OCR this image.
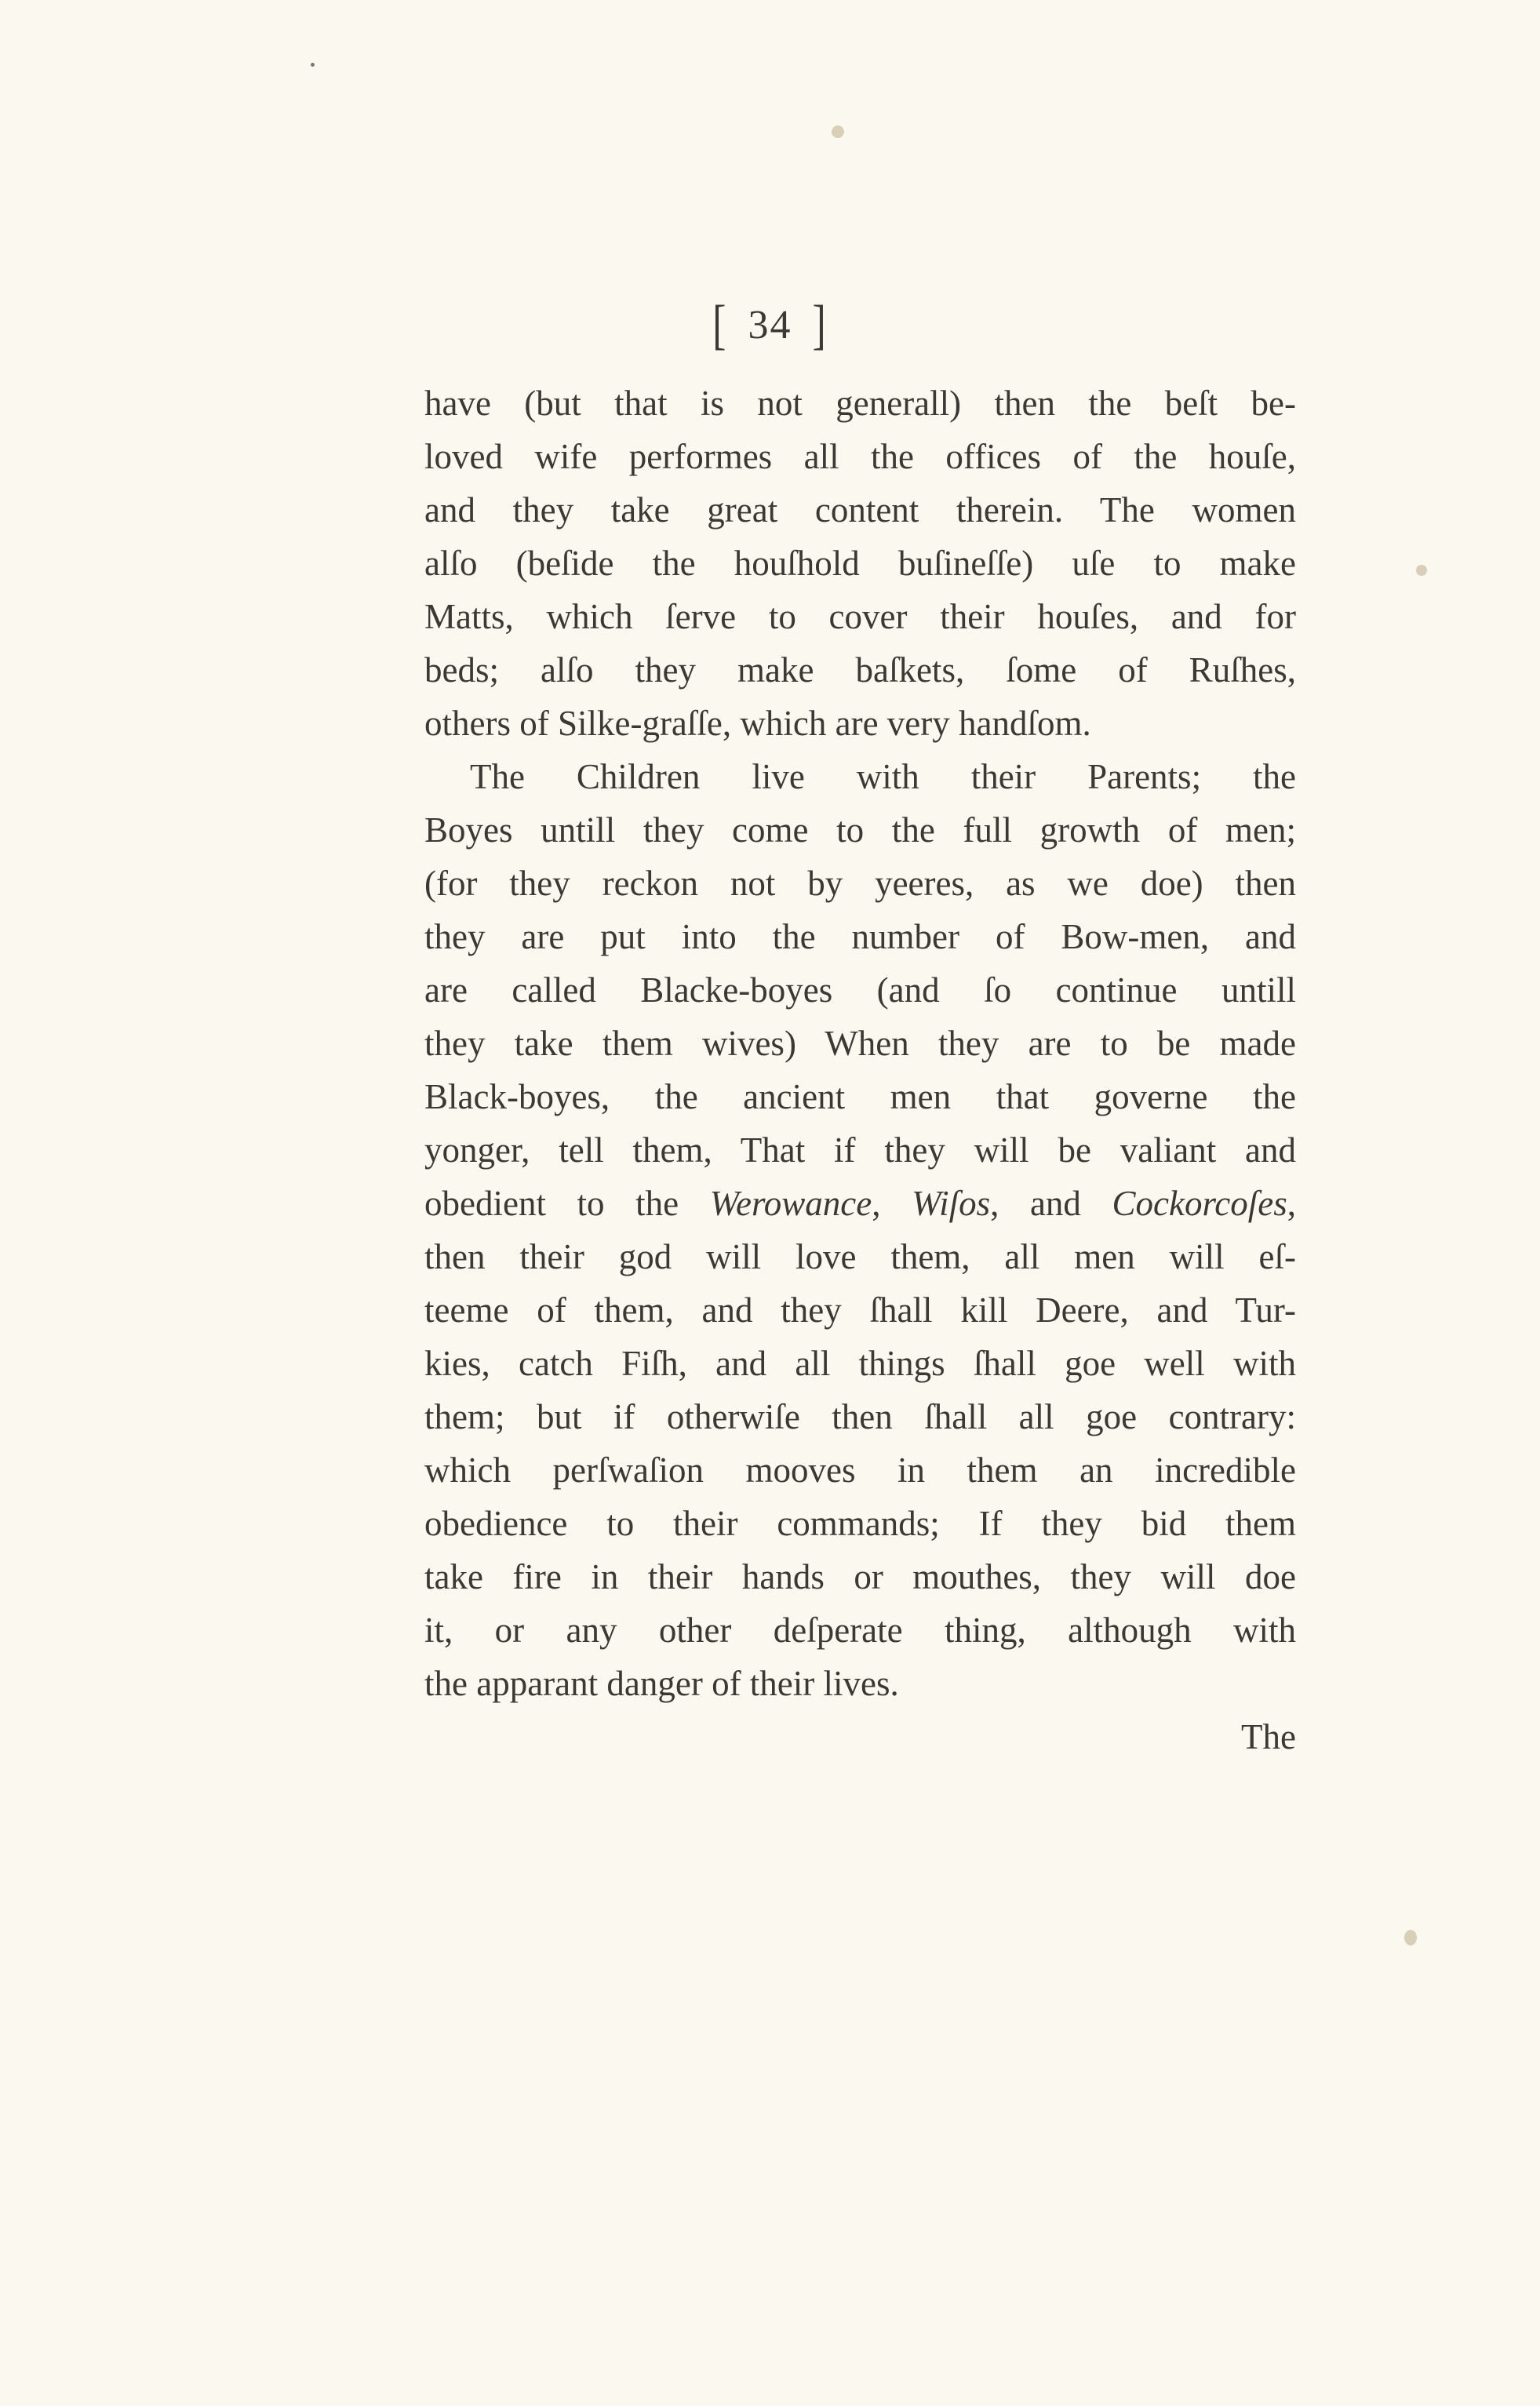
[ 34 ]
have (but that is not generall) then the beſt be-
loved wife performes all the offices of the houſe,
and they take great content therein. The women
alſo (beſide the houſhold buſineſſe) uſe to make
Matts, which ſerve to cover their houſes, and for
beds; alſo they make baſkets, ſome of Ruſhes,
others of Silke-graſſe, which are very handſom.
The Children live with their Parents; the
Boyes untill they come to the full growth of men;
(for they reckon not by yeeres, as we doe) then
they are put into the number of Bow-men, and
are called Blacke-boyes (and ſo continue untill
they take them wives) When they are to be made
Black-boyes, the ancient men that governe the
yonger, tell them, That if they will be valiant and
obedient to the Werowance, Wiſos, and Cockorcoſes,
then their god will love them, all men will eſ-
teeme of them, and they ſhall kill Deere, and Tur-
kies, catch Fiſh, and all things ſhall goe well with
them; but if otherwiſe then ſhall all goe contrary:
which perſwaſion mooves in them an incredible
obedience to their commands; If they bid them
take fire in their hands or mouthes, they will doe
it, or any other deſperate thing, although with
the apparant danger of their lives.
The
